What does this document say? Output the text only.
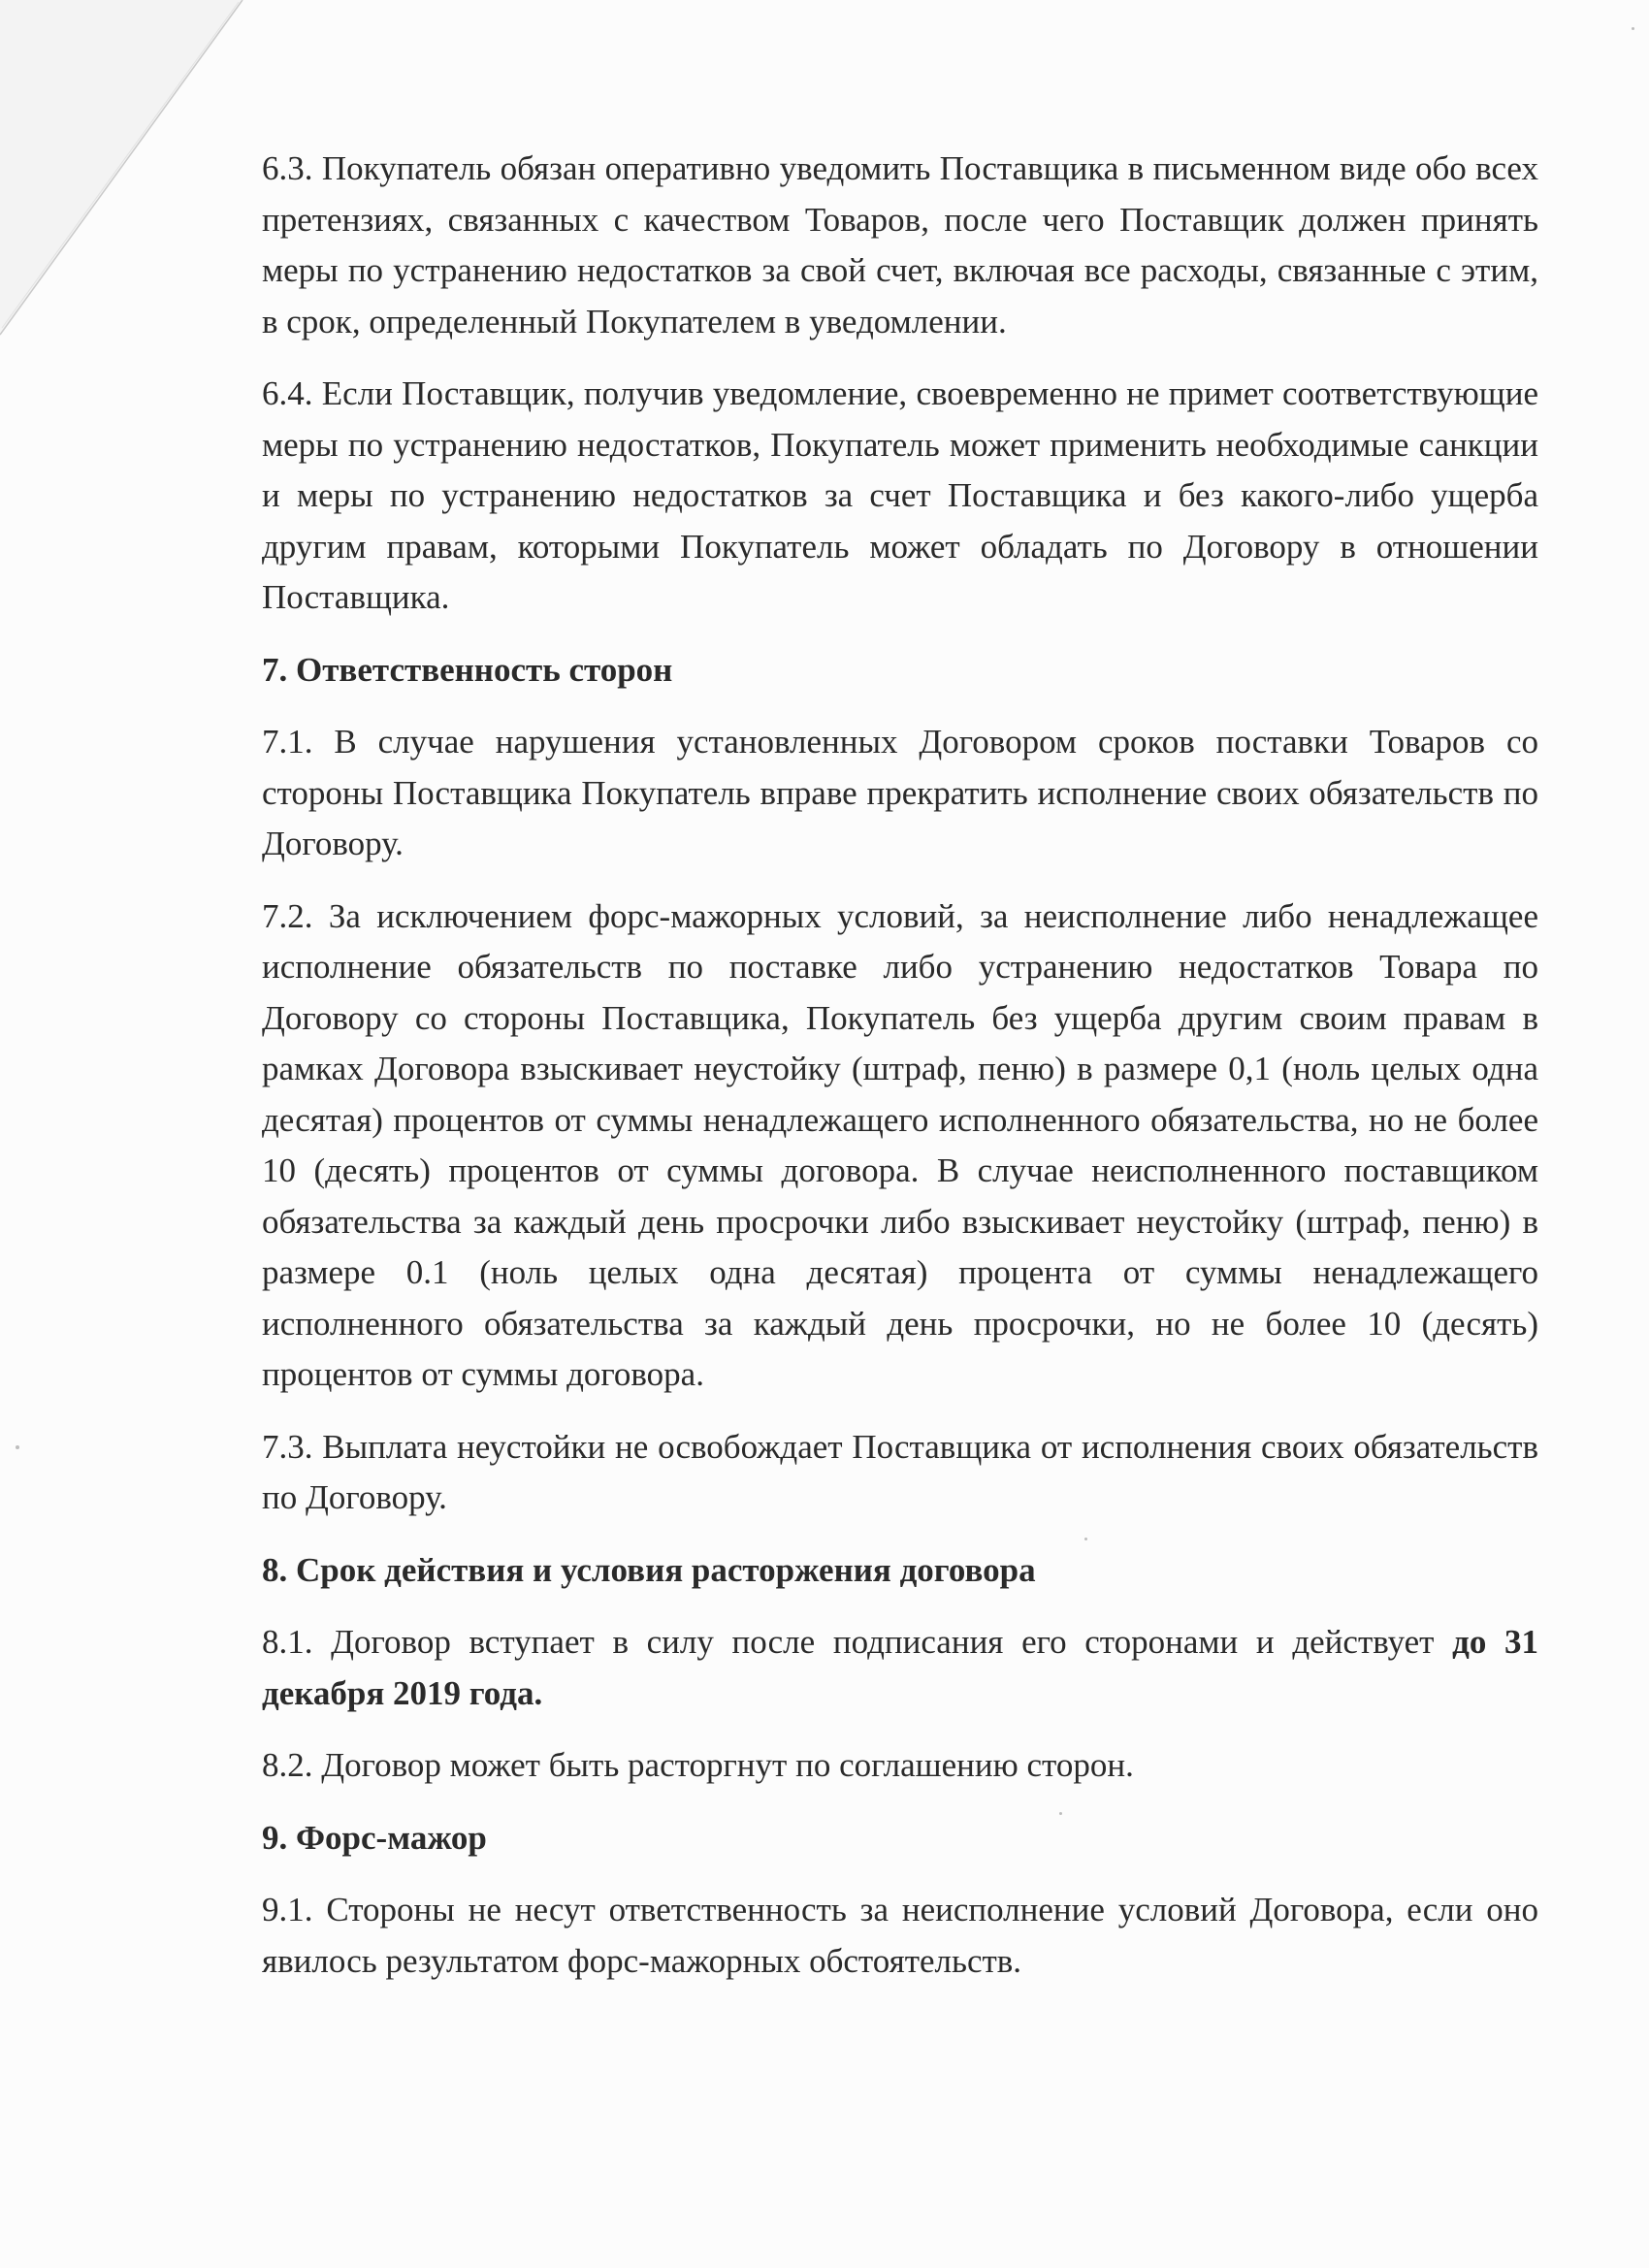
6.3. Покупатель обязан оперативно уведомить Поставщика в письменном виде обо всех претензиях, связанных с качеством Товаров, после чего Поставщик должен принять меры по устранению недостатков за свой счет, включая все расходы, связанные с этим, в срок, определенный Покупателем в уведомлении.

6.4. Если Поставщик, получив уведомление, своевременно не примет соответствующие меры по устранению недостатков, Покупатель может применить необходимые санкции и меры по устранению недостатков за счет Поставщика и без какого-либо ущерба другим правам, которыми Покупатель может обладать по Договору в отношении Поставщика.

7. Ответственность сторон

7.1. В случае нарушения установленных Договором сроков поставки Товаров со стороны Поставщика Покупатель вправе прекратить исполнение своих обязательств по Договору.

7.2. За исключением форс-мажорных условий, за неисполнение либо ненадлежащее исполнение обязательств по поставке либо устранению недостатков Товара по Договору со стороны Поставщика, Покупатель без ущерба другим своим правам в рамках Договора взыскивает неустойку (штраф, пеню) в размере 0,1 (ноль целых одна десятая) процентов от суммы ненадлежащего исполненного обязательства, но не более 10 (десять) процентов от суммы договора. В случае неисполненного поставщиком обязательства за каждый день просрочки либо взыскивает неустойку (штраф, пеню) в размере 0.1 (ноль целых одна десятая) процента от суммы ненадлежащего исполненного обязательства за каждый день просрочки, но не более 10 (десять) процентов от суммы договора.

7.3. Выплата неустойки не освобождает Поставщика от исполнения своих обязательств по Договору.

8. Срок действия и условия расторжения договора

8.1. Договор вступает в силу после подписания его сторонами и действует до 31 декабря 2019 года.

8.2. Договор может быть расторгнут по соглашению сторон.

9. Форс-мажор

9.1. Стороны не несут ответственность за неисполнение условий Договора, если оно явилось результатом форс-мажорных обстоятельств.
